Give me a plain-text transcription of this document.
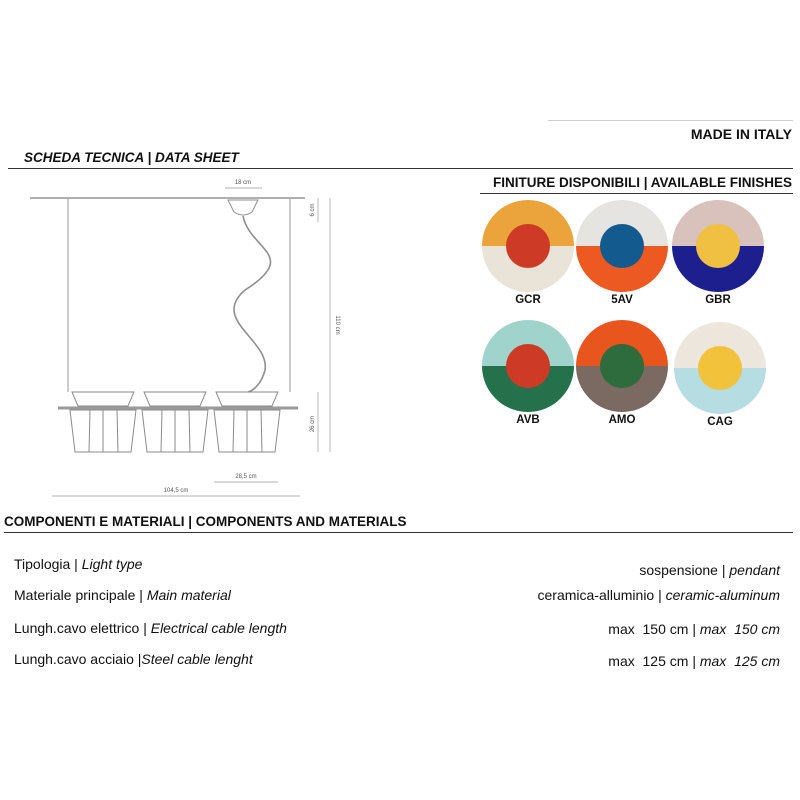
MADE IN ITALY
SCHEDA TECNICA | DATA SHEET
18 cm
6 cm
110 cm
26 cm
28,5 cm
104,5 cm
FINITURE DISPONIBILI | AVAILABLE FINISHES
GCR	5AV	GBR
AVB	AMO	CAG
COMPONENTI E MATERIALI | COMPONENTS AND MATERIALS
Tipologia | Light type	sospensione | pendant
Materiale principale | Main material	ceramica-alluminio | ceramic-aluminum
Lungh.cavo elettrico | Electrical cable length	max  150 cm | max  150 cm
Lungh.cavo acciaio |Steel cable lenght	max  125 cm | max  125 cm
